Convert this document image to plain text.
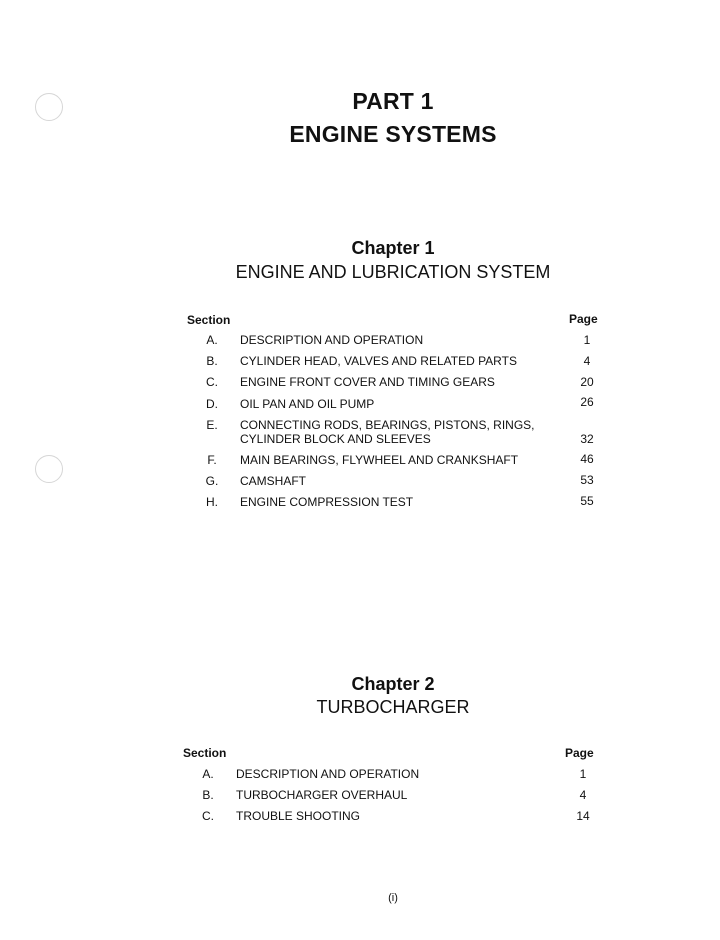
PART 1
ENGINE SYSTEMS
Chapter 1
ENGINE AND LUBRICATION SYSTEM
Section	Page
A.	DESCRIPTION AND OPERATION	1
B.	CYLINDER HEAD, VALVES AND RELATED PARTS	4
C.	ENGINE FRONT COVER AND TIMING GEARS	20
D.	OIL PAN AND OIL PUMP	26
E.	CONNECTING RODS, BEARINGS, PISTONS, RINGS,
CYLINDER BLOCK AND SLEEVES	32
F.	MAIN BEARINGS, FLYWHEEL AND CRANKSHAFT	46
G.	CAMSHAFT	53
H.	ENGINE COMPRESSION TEST	55
Chapter 2
TURBOCHARGER
Section	Page
A.	DESCRIPTION AND OPERATION	1
B.	TURBOCHARGER OVERHAUL	4
C.	TROUBLE SHOOTING	14
(i)
